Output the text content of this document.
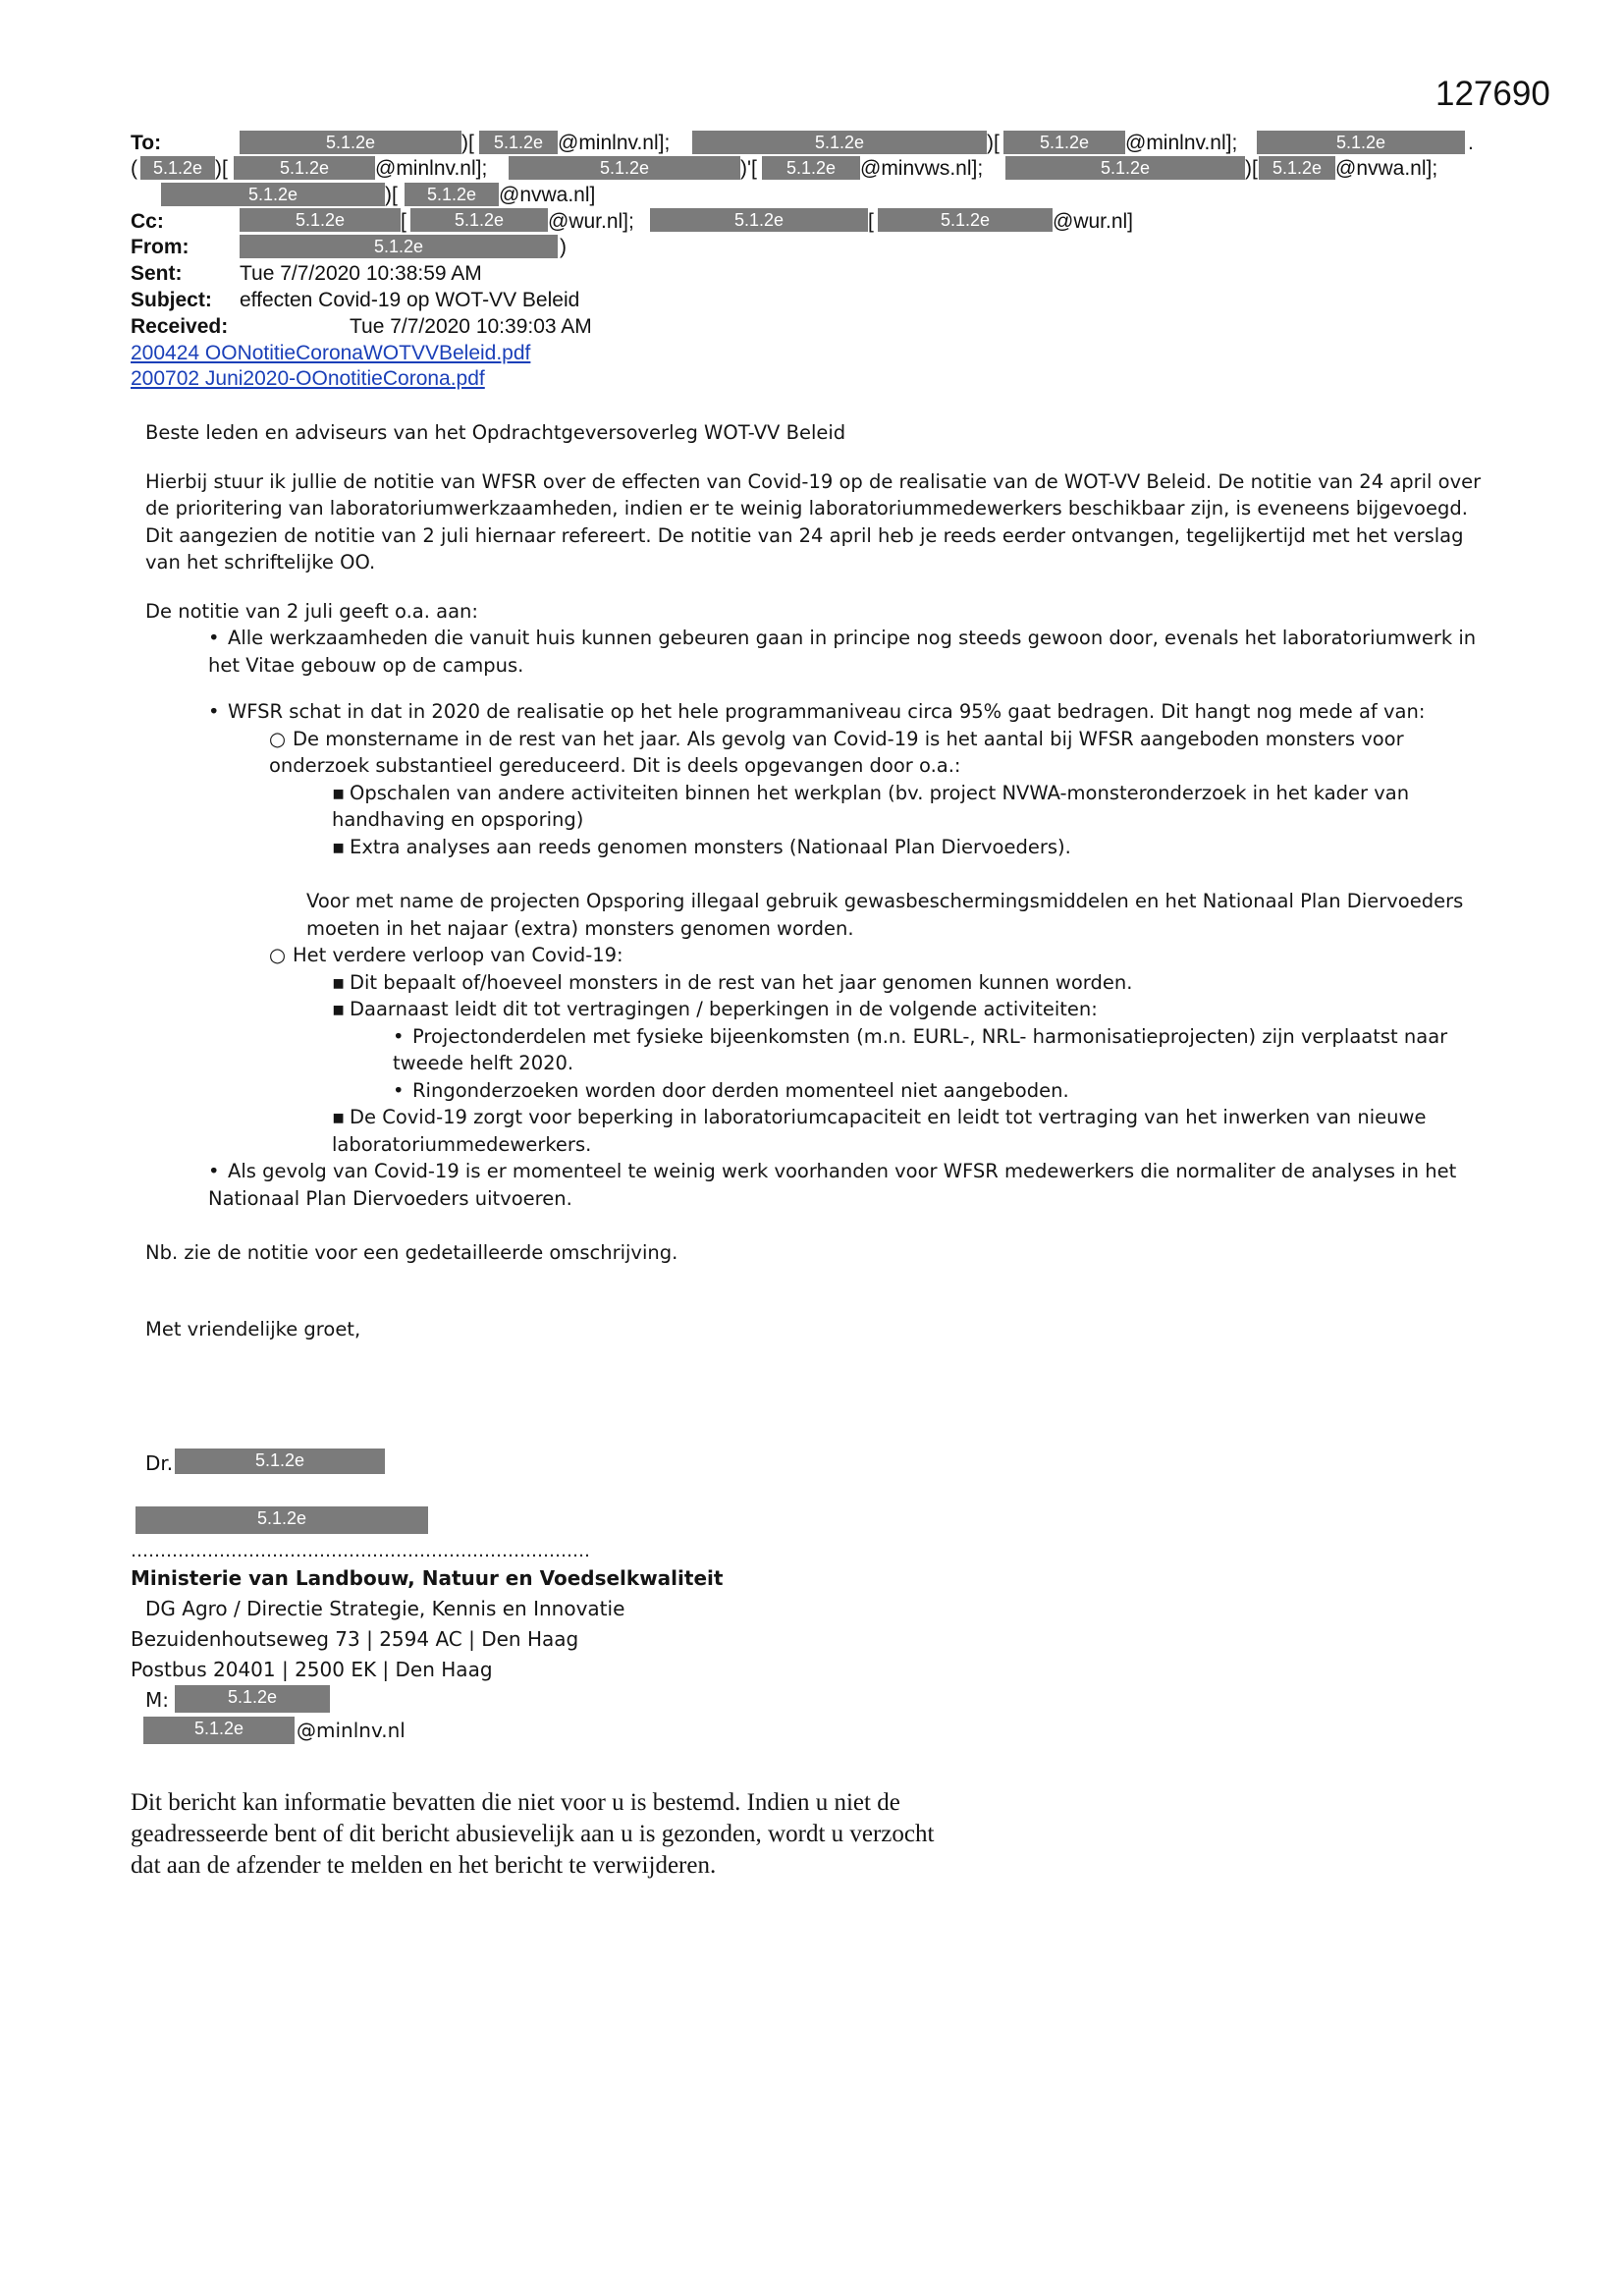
127690
To:	5.1.2e	)[	5.1.2e @minlnv.nl];	5.1.2e	)[	5.1.2e	@minlnv.nl];	5.1.2e	.
( 5.1.2e )[	5.1.2e	@minlnv.nl];	5.1.2e	)'[	5.1.2e	@minvws.nl];	5.1.2e	)[ 5.1.2e @nvwa.nl];
5.1.2e	)[	5.1.2e	@nvwa.nl]
Cc:	5.1.2e	[	5.1.2e	@wur.nl];	5.1.2e	[	5.1.2e	@wur.nl]
From:	5.1.2e	)
Sent:	Tue 7/7/2020 10:38:59 AM
Subject: effecten Covid-19 op WOT-VV Beleid
Received:	Tue 7/7/2020 10:39:03 AM
200424 OONotitieCoronaWOTVVBeleid.pdf
200702 Juni2020-OOnotitieCorona.pdf

Beste leden en adviseurs van het Opdrachtgeversoverleg WOT-VV Beleid

Hierbij stuur ik jullie de notitie van WFSR over de effecten van Covid-19 op de realisatie van de WOT-VV Beleid. De notitie van 24 april over de prioritering van laboratoriumwerkzaamheden, indien er te weinig laboratoriummedewerkers beschikbaar zijn, is eveneens bijgevoegd. Dit aangezien de notitie van 2 juli hiernaar refereert. De notitie van 24 april heb je reeds eerder ontvangen, tegelijkertijd met het verslag van het schriftelijke OO.

De notitie van 2 juli geeft o.a. aan:

• Alle werkzaamheden die vanuit huis kunnen gebeuren gaan in principe nog steeds gewoon door, evenals het laboratoriumwerk in het Vitae gebouw op de campus.
• WFSR schat in dat in 2020 de realisatie op het hele programmaniveau circa 95% gaat bedragen. Dit hangt nog mede af van:
○ De monstername in de rest van het jaar. Als gevolg van Covid-19 is het aantal bij WFSR aangeboden monsters voor onderzoek substantieel gereduceerd. Dit is deels opgevangen door o.a.:
▪ Opschalen van andere activiteiten binnen het werkplan (bv. project NVWA-monsteronderzoek in het kader van handhaving en opsporing)
▪ Extra analyses aan reeds genomen monsters (Nationaal Plan Diervoeders).

Voor met name de projecten Opsporing illegaal gebruik gewasbeschermingsmiddelen en het Nationaal Plan Diervoeders moeten in het najaar (extra) monsters genomen worden.

○ Het verdere verloop van Covid-19:
▪ Dit bepaalt of/hoeveel monsters in de rest van het jaar genomen kunnen worden.
▪ Daarnaast leidt dit tot vertragingen / beperkingen in de volgende activiteiten:
• Projectonderdelen met fysieke bijeenkomsten (m.n. EURL-, NRL- harmonisatieprojecten) zijn verplaatst naar tweede helft 2020.
• Ringonderzoeken worden door derden momenteel niet aangeboden.
▪ De Covid-19 zorgt voor beperking in laboratoriumcapaciteit en leidt tot vertraging van het inwerken van nieuwe laboratoriummedewerkers.
• Als gevolg van Covid-19 is er momenteel te weinig werk voorhanden voor WFSR medewerkers die normaliter de analyses in het Nationaal Plan Diervoeders uitvoeren.

Nb. zie de notitie voor een gedetailleerde omschrijving.

Met vriendelijke groet,

Dr.	5.1.2e
5.1.2e
……………………………………………………………………
Ministerie van Landbouw, Natuur en Voedselkwaliteit
DG Agro / Directie Strategie, Kennis en Innovatie
Bezuidenhoutseweg 73 | 2594 AC | Den Haag
Postbus 20401 | 2500 EK | Den Haag
M:	5.1.2e
5.1.2e	@minlnv.nl
Dit bericht kan informatie bevatten die niet voor u is bestemd. Indien u niet de geadresseerde bent of dit bericht abusievelijk aan u is gezonden, wordt u verzocht dat aan de afzender te melden en het bericht te verwijderen.
